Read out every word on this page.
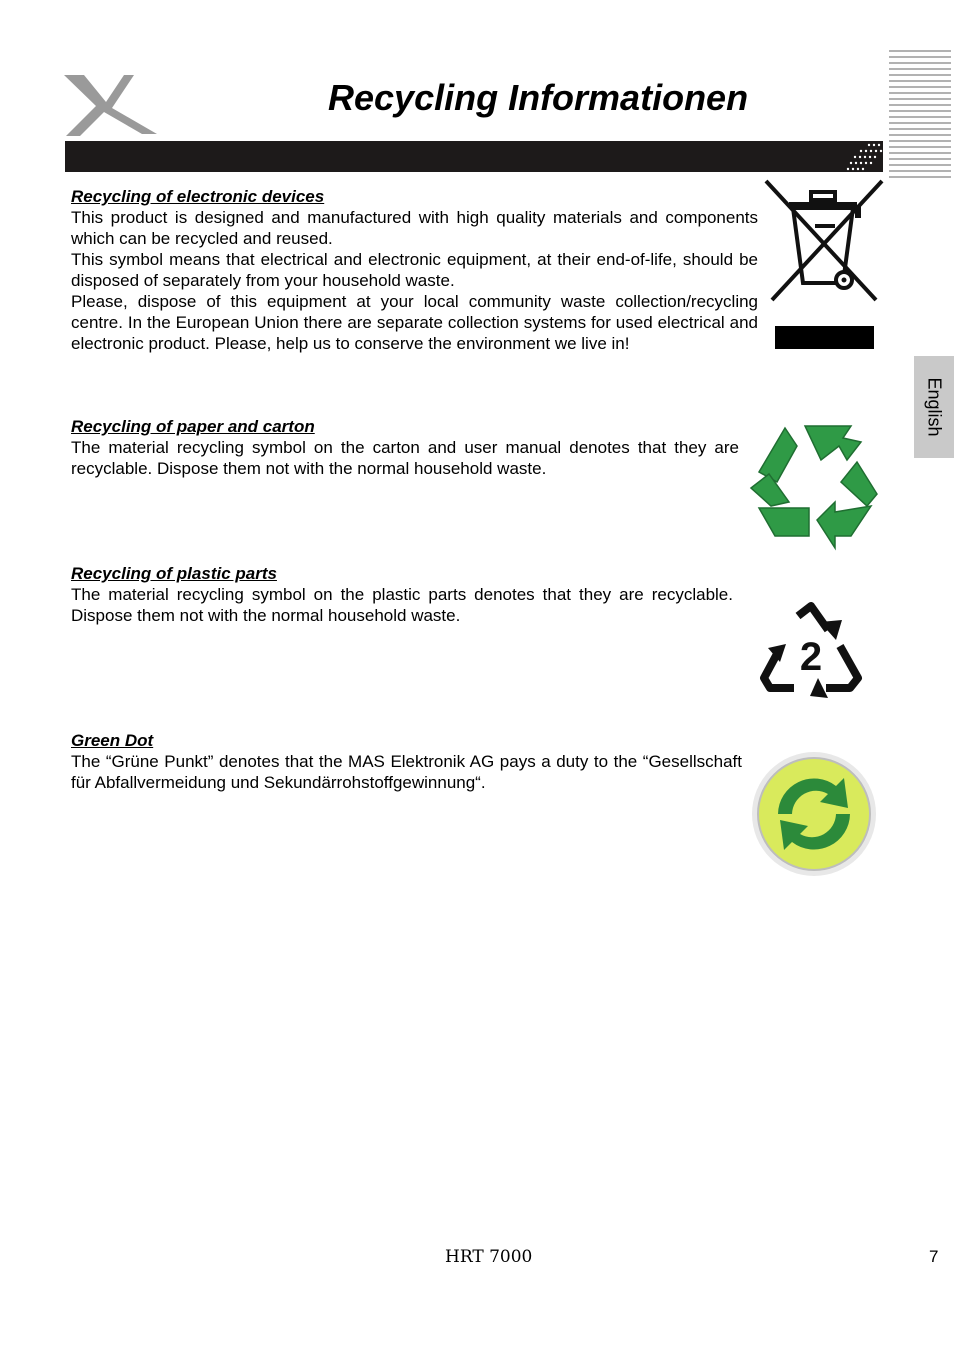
Recycling Informationen
English
Recycling of electronic devices

This product is designed and manufactured with high quality materials and components which can be recycled and reused.

This symbol means that electrical and electronic equipment, at their end-of-life, should be disposed of separately from your household waste.

Please, dispose of this equipment at your local community waste collection/recycling centre. In the European Union there are separate collection systems for used electrical and electronic product. Please, help us to conserve the environment we live in!

Recycling of paper and carton

The material recycling symbol on the carton and user manual denotes that they are recyclable. Dispose them not with the normal household waste.

Recycling of plastic parts

The material recycling symbol on the plastic parts denotes that they are recyclable. Dispose them not with the normal household waste.

Green Dot

The “Grüne Punkt” denotes that the MAS Elektronik AG pays a duty to the “Gesellschaft für Abfallvermeidung und Sekundärrohstoffgewinnung“.

2
HRT 7000	7
